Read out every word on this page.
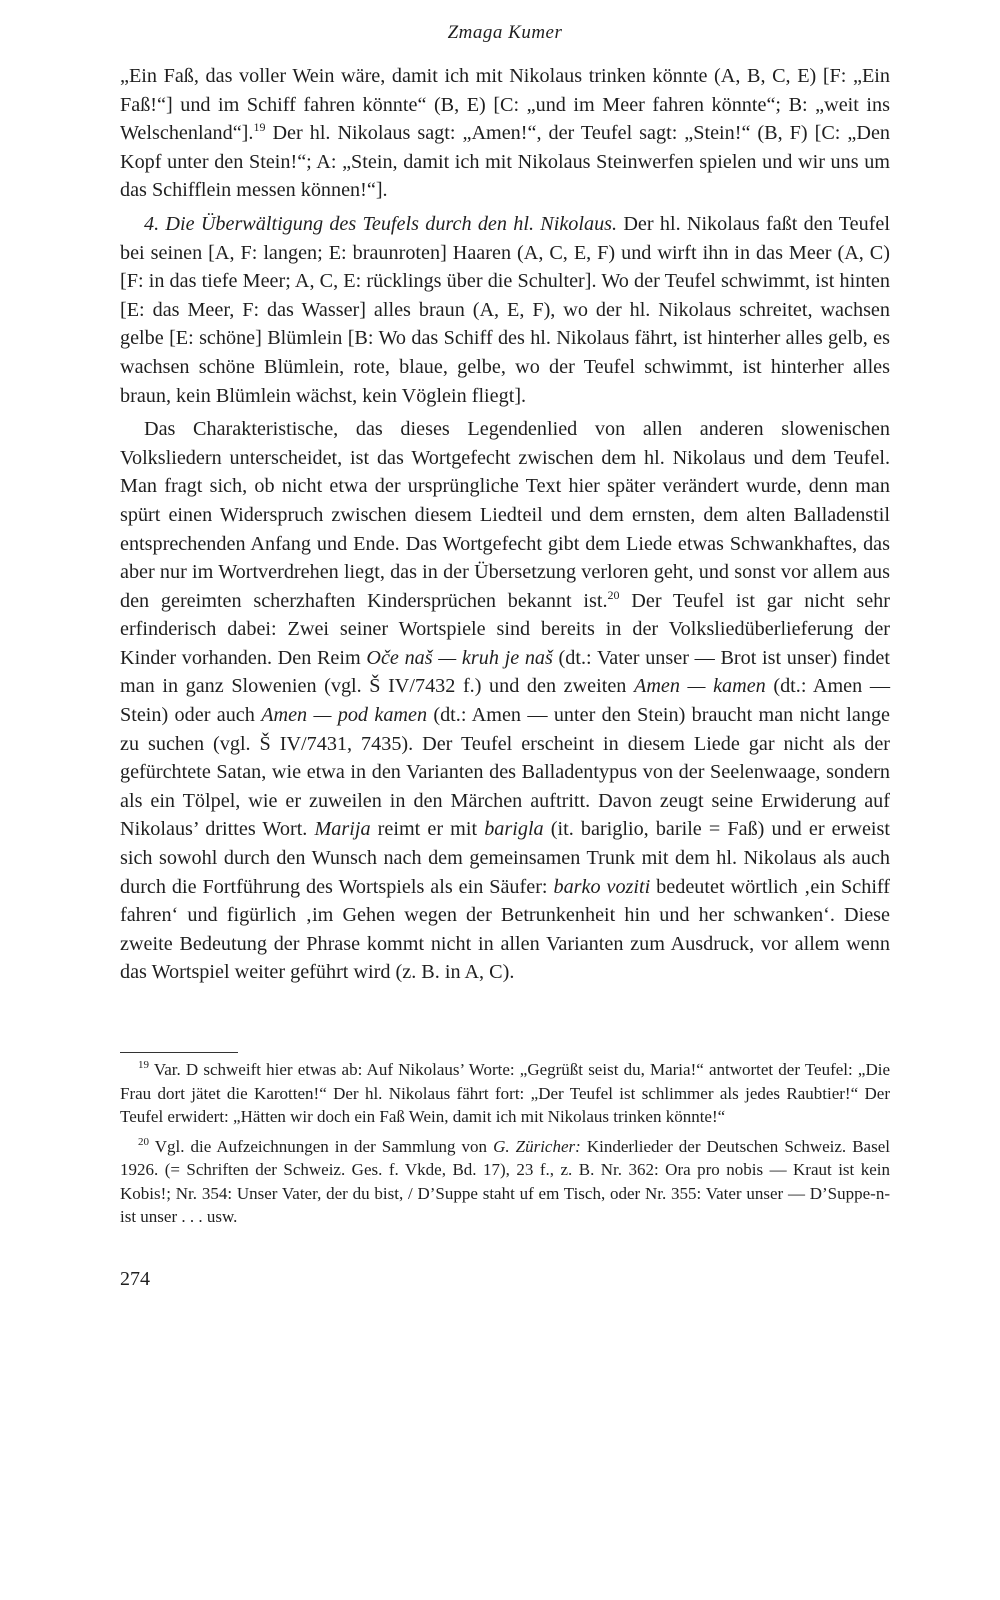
Zmaga Kumer

„Ein Faß, das voller Wein wäre, damit ich mit Nikolaus trinken könnte (A, B, C, E) [F: „Ein Faß!“] und im Schiff fahren könnte“ (B, E) [C: „und im Meer fahren könnte“; B: „weit ins Welschenland“].$^{19}$ Der hl. Nikolaus sagt: „Amen!“, der Teufel sagt: „Stein!“ (B, F) [C: „Den Kopf unter den Stein!“; A: „Stein, damit ich mit Nikolaus Steinwerfen spielen und wir uns um das Schifflein messen können!“].

4. Die Überwältigung des Teufels durch den hl. Nikolaus. Der hl. Nikolaus faßt den Teufel bei seinen [A, F: langen; E: braunroten] Haaren (A, C, E, F) und wirft ihn in das Meer (A, C) [F: in das tiefe Meer; A, C, E: rücklings über die Schulter]. Wo der Teufel schwimmt, ist hinten [E: das Meer, F: das Wasser] alles braun (A, E, F), wo der hl. Nikolaus schreitet, wachsen gelbe [E: schöne] Blümlein [B: Wo das Schiff des hl. Nikolaus fährt, ist hinterher alles gelb, es wachsen schöne Blümlein, rote, blaue, gelbe, wo der Teufel schwimmt, ist hinterher alles braun, kein Blümlein wächst, kein Vöglein fliegt].

Das Charakteristische, das dieses Legendenlied von allen anderen slowenischen Volksliedern unterscheidet, ist das Wortgefecht zwischen dem hl. Nikolaus und dem Teufel. Man fragt sich, ob nicht etwa der ursprüngliche Text hier später verändert wurde, denn man spürt einen Widerspruch zwischen diesem Liedteil und dem ernsten, dem alten Balladenstil entsprechenden Anfang und Ende. Das Wortgefecht gibt dem Liede etwas Schwankhaftes, das aber nur im Wortverdrehen liegt, das in der Übersetzung verloren geht, und sonst vor allem aus den gereimten scherzhaften Kindersprüchen bekannt ist.$^{20}$ Der Teufel ist gar nicht sehr erfinderisch dabei: Zwei seiner Wortspiele sind bereits in der Volksliedüberlieferung der Kinder vorhanden. Den Reim Oče naš — kruh je naš (dt.: Vater unser — Brot ist unser) findet man in ganz Slowenien (vgl. Š IV/7432 f.) und den zweiten Amen — kamen (dt.: Amen — Stein) oder auch Amen — pod kamen (dt.: Amen — unter den Stein) braucht man nicht lange zu suchen (vgl. Š IV/7431, 7435). Der Teufel erscheint in diesem Liede gar nicht als der gefürchtete Satan, wie etwa in den Varianten des Balladentypus von der Seelenwaage, sondern als ein Tölpel, wie er zuweilen in den Märchen auftritt. Davon zeugt seine Erwiderung auf Nikolaus’ drittes Wort. Marija reimt er mit barigla (it. bariglio, barile = Faß) und er erweist sich sowohl durch den Wunsch nach dem gemeinsamen Trunk mit dem hl. Nikolaus als auch durch die Fortführung des Wortspiels als ein Säufer: barko voziti bedeutet wörtlich ‚ein Schiff fahren‘ und figürlich ‚im Gehen wegen der Betrunkenheit hin und her schwanken‘. Diese zweite Bedeutung der Phrase kommt nicht in allen Varianten zum Ausdruck, vor allem wenn das Wortspiel weiter geführt wird (z. B. in A, C).

$^{19}$ Var. D schweift hier etwas ab: Auf Nikolaus’ Worte: „Gegrüßt seist du, Maria!“ antwortet der Teufel: „Die Frau dort jätet die Karotten!“ Der hl. Nikolaus fährt fort: „Der Teufel ist schlimmer als jedes Raubtier!“ Der Teufel erwidert: „Hätten wir doch ein Faß Wein, damit ich mit Nikolaus trinken könnte!“

$^{20}$ Vgl. die Aufzeichnungen in der Sammlung von G. Züricher: Kinderlieder der Deutschen Schweiz. Basel 1926. (= Schriften der Schweiz. Ges. f. Vkde, Bd. 17), 23 f., z. B. Nr. 362: Ora pro nobis — Kraut ist kein Kobis!; Nr. 354: Unser Vater, der du bist, / D’Suppe staht uf em Tisch, oder Nr. 355: Vater unser — D’Suppe-n-ist unser . . . usw.

274
